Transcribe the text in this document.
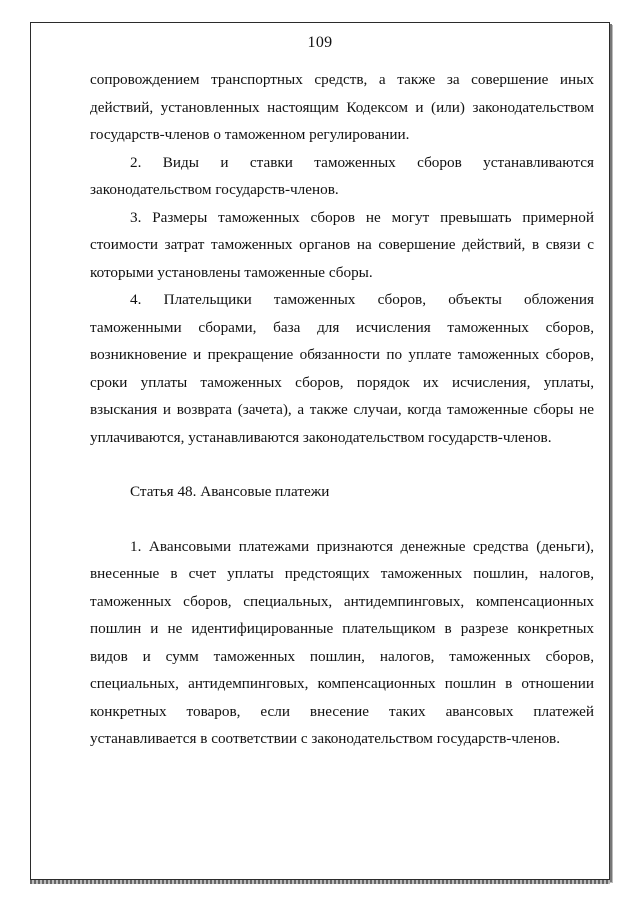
109

сопровождением транспортных средств, а также за совершение иных действий, установленных настоящим Кодексом и (или) законодательством государств-членов о таможенном регулировании.

2. Виды и ставки таможенных сборов устанавливаются законодательством государств-членов.

3. Размеры таможенных сборов не могут превышать примерной стоимости затрат таможенных органов на совершение действий, в связи с которыми установлены таможенные сборы.

4. Плательщики таможенных сборов, объекты обложения таможенными сборами, база для исчисления таможенных сборов, возникновение и прекращение обязанности по уплате таможенных сборов, сроки уплаты таможенных сборов, порядок их исчисления, уплаты, взыскания и возврата (зачета), а также случаи, когда таможенные сборы не уплачиваются, устанавливаются законодательством государств-членов.

Статья 48. Авансовые платежи

1. Авансовыми платежами признаются денежные средства (деньги), внесенные в счет уплаты предстоящих таможенных пошлин, налогов, таможенных сборов, специальных, антидемпинговых, компенсационных пошлин и не идентифицированные плательщиком в разрезе конкретных видов и сумм таможенных пошлин, налогов, таможенных сборов, специальных, антидемпинговых, компенсационных пошлин в отношении конкретных товаров, если внесение таких авансовых платежей устанавливается в соответствии с законодательством государств-членов.
